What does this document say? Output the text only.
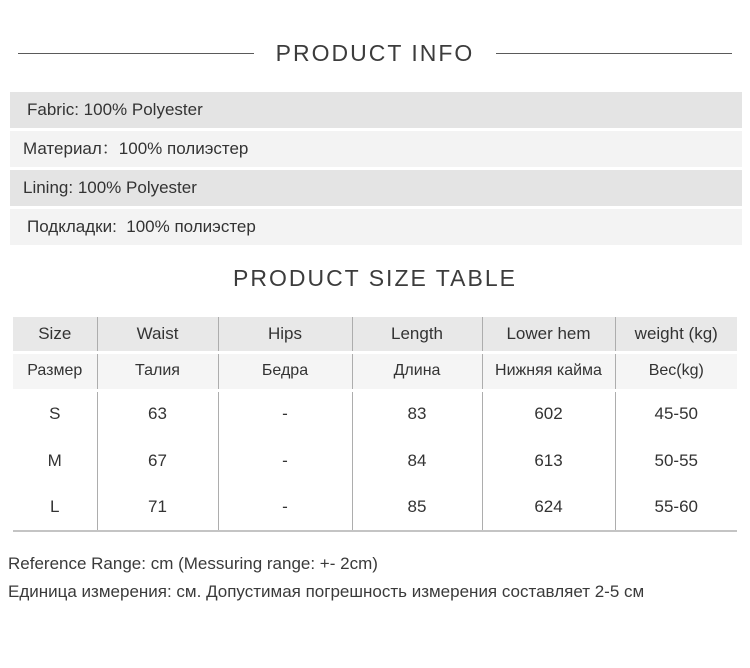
PRODUCT INFO
Fabric: 100% Polyester
Материал：100% полиэстер
Lining: 100% Polyester
Подкладки:  100% полиэстер
PRODUCT SIZE TABLE
Size	Waist	Hips	Length	Lower hem	weight (kg)
Размер	Талия	Бедра	Длина	Нижняя кайма	Вес(kg)
S	63	-	83	602	45-50
M	67	-	84	613	50-55
L	71	-	85	624	55-60
Reference Range: cm (Messuring range: +- 2cm)
Единица измерения: см. Допустимая погрешность измерения составляет 2-5 см
